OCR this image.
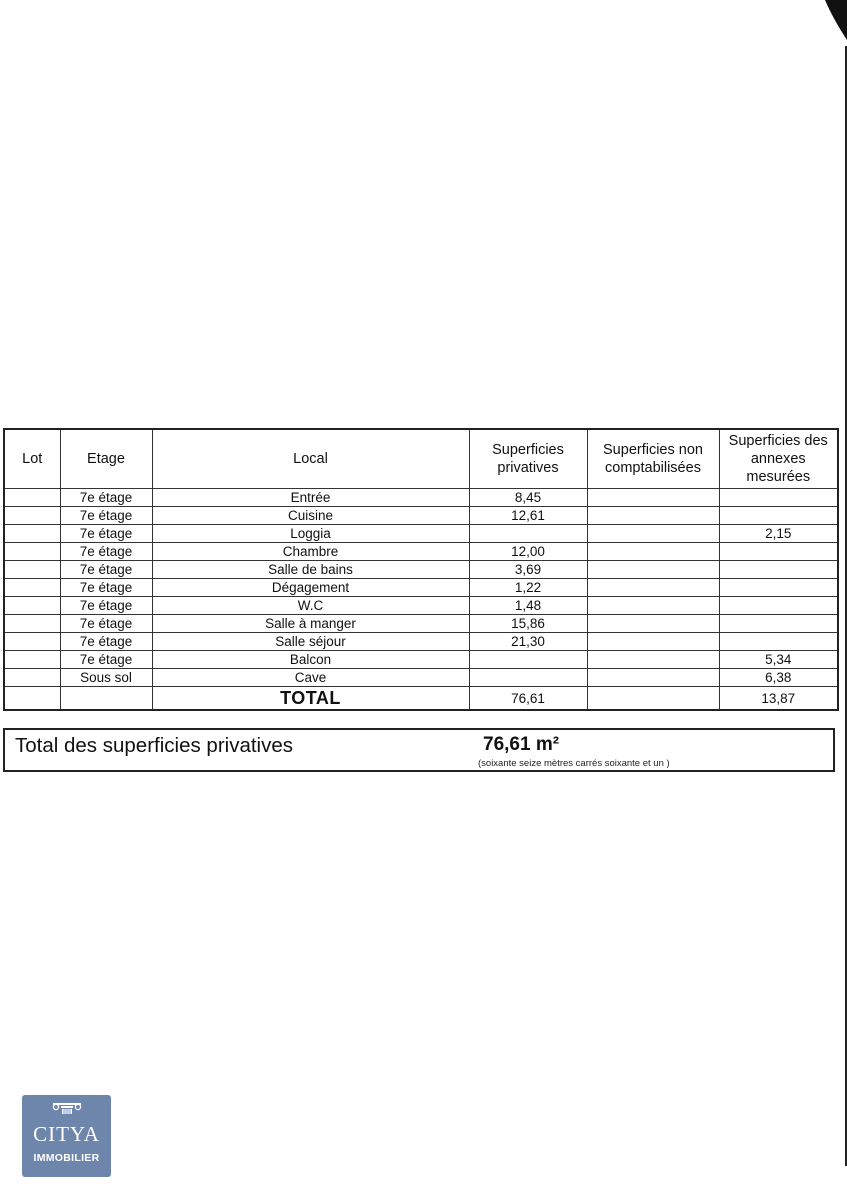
Lot	Etage	Local	Superficies privatives	Superficies non comptabilisées	Superficies des annexes mesurées
	7e étage	Entrée	8,45		
	7e étage	Cuisine	12,61		
	7e étage	Loggia			2,15
	7e étage	Chambre	12,00		
	7e étage	Salle de bains	3,69		
	7e étage	Dégagement	1,22		
	7e étage	W.C	1,48		
	7e étage	Salle à manger	15,86		
	7e étage	Salle séjour	21,30		
	7e étage	Balcon			5,34
	Sous sol	Cave			6,38
		TOTAL	76,61		13,87
Total des superficies privatives	76,61 m²
(soixante seize mètres carrés soixante et un )
CITYA
IMMOBILIER
